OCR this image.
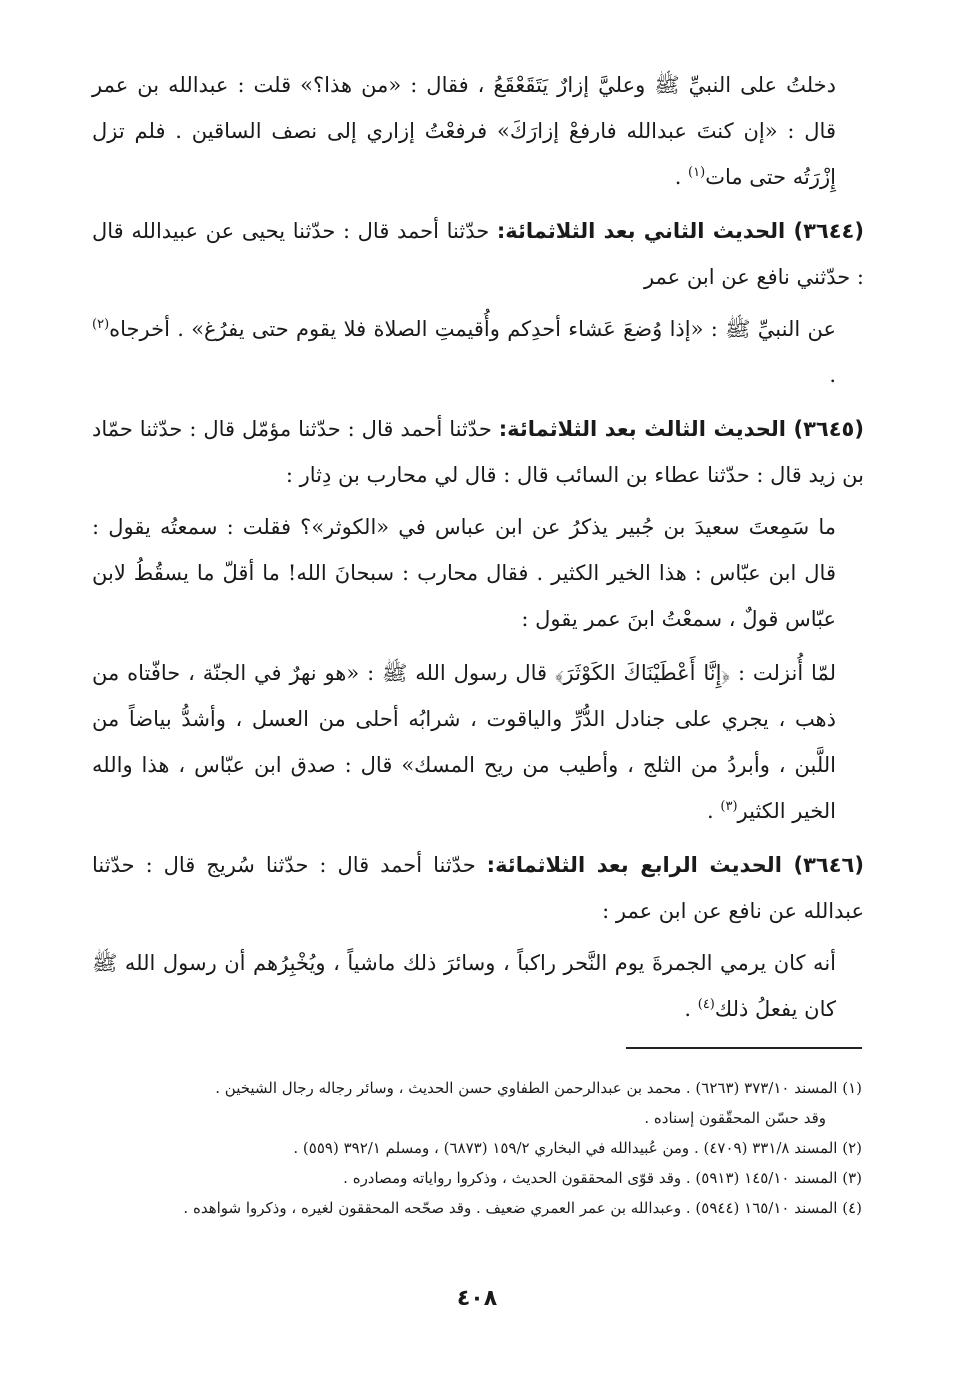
دخلتُ على النبيِّ ﷺ وعليَّ إزارٌ يَتَقَعْقَعُ ، فقال : «من هذا؟» قلت : عبدالله بن عمر قال : «إن كنتَ عبدالله فارفعْ إزارَكَ» فرفعْتُ إزاري إلى نصف الساقين . فلم تزل إِزْرَتُه حتى مات$^{(١)}$ .

(٣٦٤٤) الحديث الثاني بعد الثلاثمائة: حدّثنا أحمد قال : حدّثنا يحيى عن عبيدالله قال : حدّثني نافع عن ابن عمر

عن النبيِّ ﷺ : «إذا وُضعَ عَشاء أحدِكم وأُقيمتِ الصلاة فلا يقوم حتى يفرُغ» . أخرجاه$^{(٢)}$ .

(٣٦٤٥) الحديث الثالث بعد الثلاثمائة: حدّثنا أحمد قال : حدّثنا مؤمّل قال : حدّثنا حمّاد بن زيد قال : حدّثنا عطاء بن السائب قال : قال لي محارب بن دِثار :

ما سَمِعتَ سعيدَ بن جُبير يذكرُ عن ابن عباس في «الكوثر»؟ فقلت : سمعتُه يقول : قال ابن عبّاس : هذا الخير الكثير . فقال محارب : سبحانَ الله! ما أقلّ ما يسقُطُ لابن عبّاس قولٌ ، سمعْتُ ابنَ عمر يقول :

لمّا أُنزلت : ﴿إِنَّا أَعْطَيْنَاكَ الكَوْثَرَ﴾ قال رسول الله ﷺ : «هو نهرٌ في الجنّة ، حافّتاه من ذهب ، يجري على جنادل الدُّرِّ والياقوت ، شرابُه أحلى من العسل ، وأشدُّ بياضاً من اللَّبن ، وأبردُ من الثلج ، وأطيب من ريح المسك» قال : صدق ابن عبّاس ، هذا والله الخير الكثير$^{(٣)}$ .

(٣٦٤٦) الحديث الرابع بعد الثلاثمائة: حدّثنا أحمد قال : حدّثنا سُريج قال : حدّثنا عبدالله عن نافع عن ابن عمر :

أنه كان يرمي الجمرةَ يوم النَّحر راكباً ، وسائرَ ذلك ماشياً ، ويُخْبِرُهم أن رسول الله ﷺ كان يفعلُ ذلك$^{(٤)}$ .

(١) المسند ٣٧٣/١٠ (٦٢٦٣) . محمد بن عبدالرحمن الطفاوي حسن الحديث ، وسائر رجاله رجال الشيخين .

وقد حسّن المحقّقون إسناده .

(٢) المسند ٣٣١/٨ (٤٧٠٩) . ومن عُبيدالله في البخاري ١٥٩/٢ (٦٨٧٣) ، ومسلم ٣٩٢/١ (٥٥٩) .

(٣) المسند ١٤٥/١٠ (٥٩١٣) . وقد قوّى المحققون الحديث ، وذكروا رواياته ومصادره .

(٤) المسند ١٦٥/١٠ (٥٩٤٤) . وعبدالله بن عمر العمري ضعيف . وقد صحّحه المحققون لغيره ، وذكروا شواهده .

٤٠٨
